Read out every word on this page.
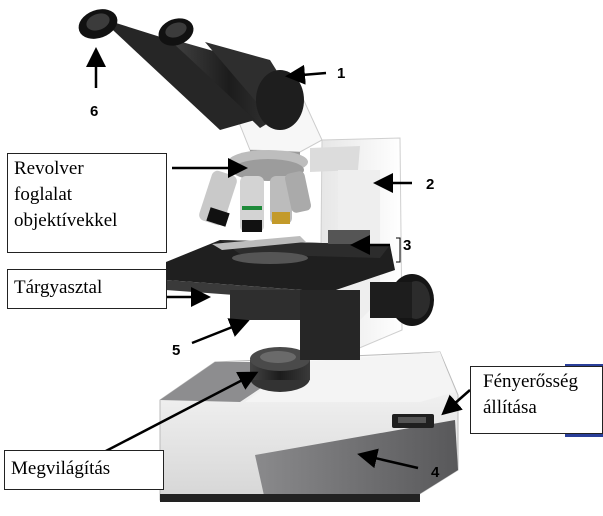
1
2
3
4
5
6
Revolver
foglalat
objektívekkel
Tárgyasztal
Fényerősség
állítása
Megvilágítás
